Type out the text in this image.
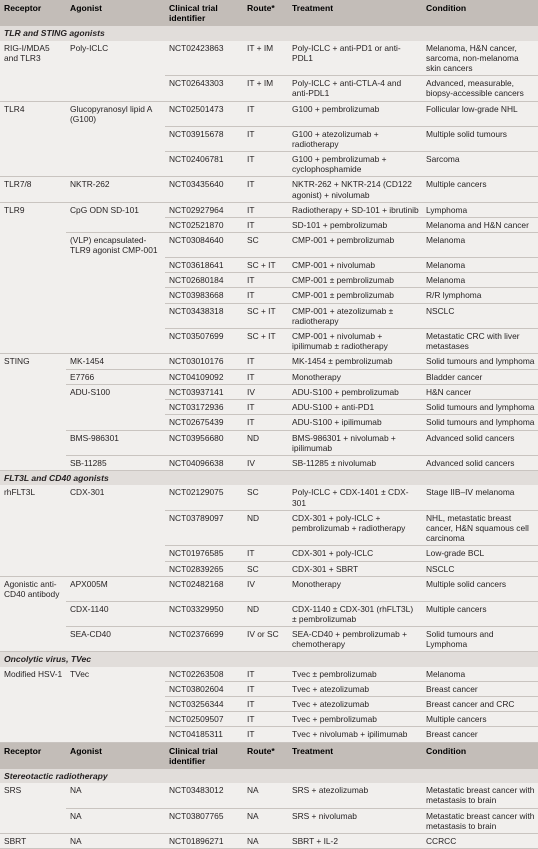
Receptor	Agonist	Clinical trial identifier	Route*	Treatment	Condition
TLR and STING agonists					
RIG-I/MDA5 and TLR3	Poly-ICLC	NCT02423863	IT + IM	Poly-ICLC + anti-PD1 or anti-PDL1	Melanoma, H&N cancer, sarcoma, non-melanoma skin cancers
		NCT02643303	IT + IM	Poly-ICLC + anti-CTLA-4 and anti-PDL1	Advanced, measurable, biopsy-accessible cancers
TLR4	Glucopyranosyl lipid A (G100)	NCT02501473	IT	G100 + pembrolizumab	Follicular low-grade NHL
		NCT03915678	IT	G100 + atezolizumab + radiotherapy	Multiple solid tumours
		NCT02406781	IT	G100 + pembrolizumab + cyclophosphamide	Sarcoma
TLR7/8	NKTR-262	NCT03435640	IT	NKTR-262 + NKTR-214 (CD122 agonist) + nivolumab	Multiple cancers
TLR9	CpG ODN SD-101	NCT02927964	IT	Radiotherapy + SD-101 + ibrutinib	Lymphoma
		NCT02521870	IT	SD-101 + pembrolizumab	Melanoma and H&N cancer
	(VLP) encapsulated-TLR9 agonist CMP-001	NCT03084640	SC	CMP-001 + pembrolizumab	Melanoma
		NCT03618641	SC + IT	CMP-001 + nivolumab	Melanoma
		NCT02680184	IT	CMP-001 ± pembrolizumab	Melanoma
		NCT03983668	IT	CMP-001 ± pembrolizumab	R/R lymphoma
		NCT03438318	SC + IT	CMP-001 + atezolizumab ± radiotherapy	NSCLC
		NCT03507699	SC + IT	CMP-001 + nivolumab + ipilimumab ± radiotherapy	Metastatic CRC with liver metastases
STING	MK-1454	NCT03010176	IT	MK-1454 ± pembrolizumab	Solid tumours and lymphoma
	E7766	NCT04109092	IT	Monotherapy	Bladder cancer
	ADU-S100	NCT03937141	IV	ADU-S100 + pembrolizumab	H&N cancer
		NCT03172936	IT	ADU-S100 + anti-PD1	Solid tumours and lymphoma
		NCT02675439	IT	ADU-S100 + ipilimumab	Solid tumours and lymphoma
	BMS-986301	NCT03956680	ND	BMS-986301 + nivolumab + ipilimumab	Advanced solid cancers
	SB-11285	NCT04096638	IV	SB-11285 ± nivolumab	Advanced solid cancers
FLT3L and CD40 agonists					
rhFLT3L	CDX-301	NCT02129075	SC	Poly-ICLC + CDX-1401 ± CDX-301	Stage IIB–IV melanoma
		NCT03789097	ND	CDX-301 + poly-ICLC + pembrolizumab + radiotherapy	NHL, metastatic breast cancer, H&N squamous cell carcinoma
		NCT01976585	IT	CDX-301 + poly-ICLC	Low-grade BCL
		NCT02839265	SC	CDX-301 + SBRT	NSCLC
Agonistic anti-CD40 antibody	APX005M	NCT02482168	IV	Monotherapy	Multiple solid cancers
	CDX-1140	NCT03329950	ND	CDX-1140 ± CDX-301 (rhFLT3L) ± pembrolizumab	Multiple cancers
	SEA-CD40	NCT02376699	IV or SC	SEA-CD40 + pembrolizumab + chemotherapy	Solid tumours and Lymphoma
Oncolytic virus, TVec					
Modified HSV-1	TVec	NCT02263508	IT	Tvec ± pembrolizumab	Melanoma
		NCT03802604	IT	Tvec + atezolizumab	Breast cancer
		NCT03256344	IT	Tvec + atezolizumab	Breast cancer and CRC
		NCT02509507	IT	Tvec + pembrolizumab	Multiple cancers
		NCT04185311	IT	Tvec + nivolumab + ipilimumab	Breast cancer
Receptor	Agonist	Clinical trial identifier	Route*	Treatment	Condition
Stereotactic radiotherapy					
SRS	NA	NCT03483012	NA	SRS + atezolizumab	Metastatic breast cancer with metastasis to brain
	NA	NCT03807765	NA	SRS + nivolumab	Metastatic breast cancer with metastasis to brain
SBRT	NA	NCT01896271	NA	SBRT + IL-2	CCRCC
